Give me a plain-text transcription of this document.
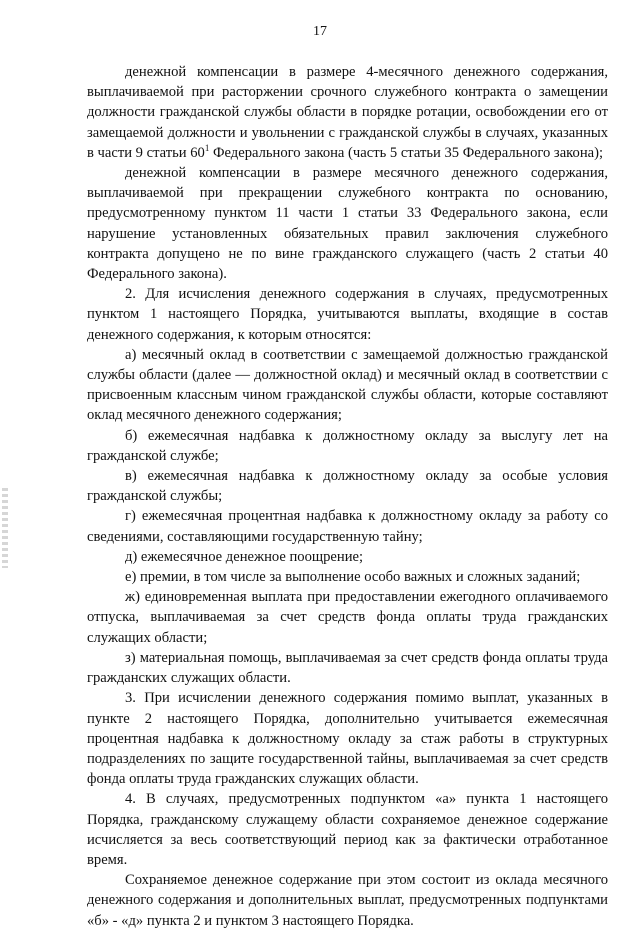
17

денежной компенсации в размере 4-месячного денежного содержания, выплачиваемой при расторжении срочного служебного контракта о замещении должности гражданской службы области в порядке ротации, освобождении его от замещаемой должности и увольнении с гражданской службы в случаях, указанных в части 9 статьи $60^1$ Федерального закона (часть 5 статьи 35 Федерального закона);

денежной компенсации в размере месячного денежного содержания, выплачиваемой при прекращении служебного контракта по основанию, предусмотренному пунктом 11 части 1 статьи 33 Федерального закона, если нарушение установленных обязательных правил заключения служебного контракта допущено не по вине гражданского служащего (часть 2 статьи 40 Федерального закона).

2. Для исчисления денежного содержания в случаях, предусмотренных пунктом 1 настоящего Порядка, учитываются выплаты, входящие в состав денежного содержания, к которым относятся:

а) месячный оклад в соответствии с замещаемой должностью гражданской службы области (далее — должностной оклад) и месячный оклад в соответствии с присвоенным классным чином гражданской службы области, которые составляют оклад месячного денежного содержания;

б) ежемесячная надбавка к должностному окладу за выслугу лет на гражданской службе;

в) ежемесячная надбавка к должностному окладу за особые условия гражданской службы;

г) ежемесячная процентная надбавка к должностному окладу за работу со сведениями, составляющими государственную тайну;

д) ежемесячное денежное поощрение;

е) премии, в том числе за выполнение особо важных и сложных заданий;

ж) единовременная выплата при предоставлении ежегодного оплачиваемого отпуска, выплачиваемая за счет средств фонда оплаты труда гражданских служащих области;

з) материальная помощь, выплачиваемая за счет средств фонда оплаты труда гражданских служащих области.

3. При исчислении денежного содержания помимо выплат, указанных в пункте 2 настоящего Порядка, дополнительно учитывается ежемесячная процентная надбавка к должностному окладу за стаж работы в структурных подразделениях по защите государственной тайны, выплачиваемая за счет средств фонда оплаты труда гражданских служащих области.

4. В случаях, предусмотренных подпунктом «а» пункта 1 настоящего Порядка, гражданскому служащему области сохраняемое денежное содержание исчисляется за весь соответствующий период как за фактически отработанное время.

Сохраняемое денежное содержание при этом состоит из оклада месячного денежного содержания и дополнительных выплат, предусмотренных подпунктами «б» - «д» пункта 2 и пунктом 3 настоящего Порядка.
